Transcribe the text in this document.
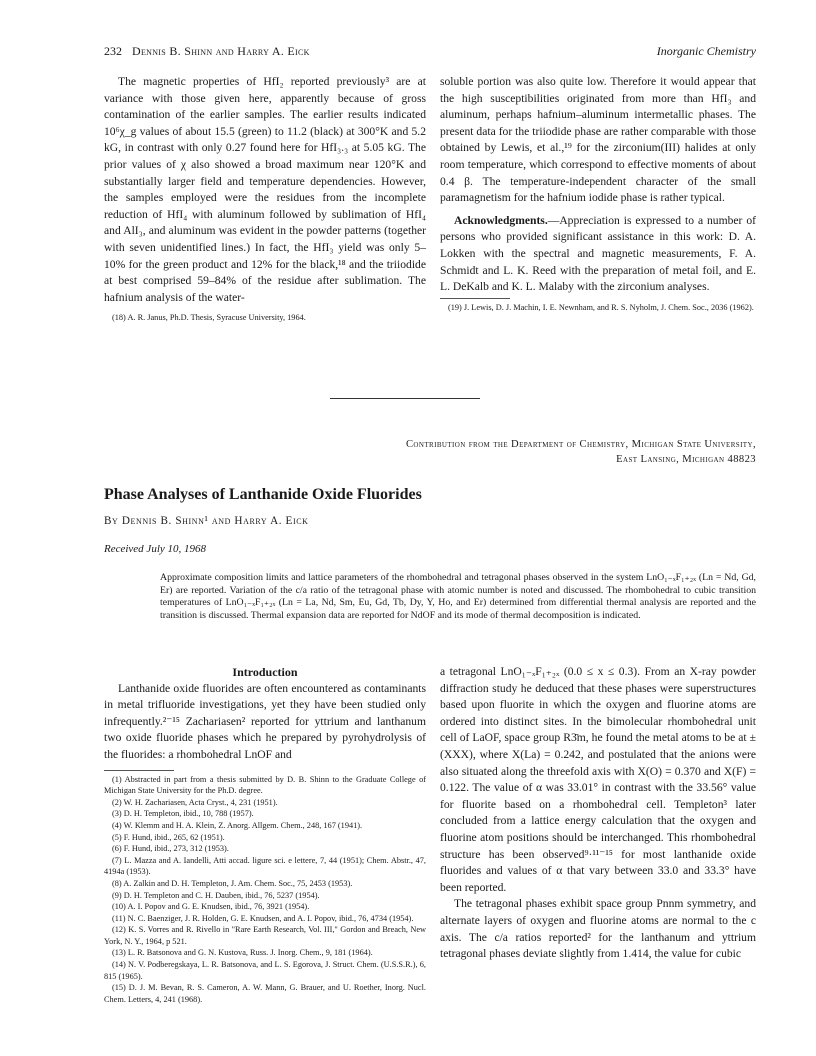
232 Dennis B. Shinn and Harry A. Eick	Inorganic Chemistry

The magnetic properties of HfI₂ reported previously³ are at variance with those given here, apparently because of gross contamination of the earlier samples. The earlier results indicated 10⁶χ_g values of about 15.5 (green) to 11.2 (black) at 300°K and 5.2 kG, in contrast with only 0.27 found here for HfI₃.₃ at 5.05 kG. The prior values of χ also showed a broad maximum near 120°K and substantially larger field and temperature dependencies. However, the samples employed were the residues from the incomplete reduction of HfI₄ with aluminum followed by sublimation of HfI₄ and AlI₃, and aluminum was evident in the powder patterns (together with seven unidentified lines.) In fact, the HfI₃ yield was only 5–10% for the green product and 12% for the black,¹⁸ and the triiodide at best comprised 59–84% of the residue after sublimation. The hafnium analysis of the water-

(18) A. R. Janus, Ph.D. Thesis, Syracuse University, 1964.

soluble portion was also quite low. Therefore it would appear that the high susceptibilities originated from more than HfI₃ and aluminum, perhaps hafnium–aluminum intermetallic phases. The present data for the triiodide phase are rather comparable with those obtained by Lewis, et al.,¹⁹ for the zirconium(III) halides at only room temperature, which correspond to effective moments of about 0.4 β. The temperature-independent character of the small paramagnetism for the hafnium iodide phase is rather typical.

Acknowledgments.—Appreciation is expressed to a number of persons who provided significant assistance in this work: D. A. Lokken with the spectral and magnetic measurements, F. A. Schmidt and L. K. Reed with the preparation of metal foil, and E. L. DeKalb and K. L. Malaby with the zirconium analyses.

(19) J. Lewis, D. J. Machin, I. E. Newnham, and R. S. Nyholm, J. Chem. Soc., 2036 (1962).

Contribution from the Department of Chemistry, Michigan State University,
East Lansing, Michigan 48823
Phase Analyses of Lanthanide Oxide Fluorides
By Dennis B. Shinn¹ and Harry A. Eick
Received July 10, 1968
Approximate composition limits and lattice parameters of the rhombohedral and tetragonal phases observed in the system LnO₁₋ₓF₁₊₂ₓ (Ln = Nd, Gd, Er) are reported. Variation of the c/a ratio of the tetragonal phase with atomic number is noted and discussed. The rhombohedral to cubic transition temperatures of LnO₁₋ₓF₁₊₂ₓ (Ln = La, Nd, Sm, Eu, Gd, Tb, Dy, Y, Ho, and Er) determined from differential thermal analysis are reported and the transition is discussed. Thermal expansion data are reported for NdOF and its mode of thermal decomposition is indicated.

Introduction

Lanthanide oxide fluorides are often encountered as contaminants in metal trifluoride investigations, yet they have been studied only infrequently.²⁻¹⁵ Zachariasen² reported for yttrium and lanthanum two oxide fluoride phases which he prepared by pyrohydrolysis of the fluorides: a rhombohedral LnOF and

(1) Abstracted in part from a thesis submitted by D. B. Shinn to the Graduate College of Michigan State University for the Ph.D. degree.

(2) W. H. Zachariasen, Acta Cryst., 4, 231 (1951).

(3) D. H. Templeton, ibid., 10, 788 (1957).

(4) W. Klemm and H. A. Klein, Z. Anorg. Allgem. Chem., 248, 167 (1941).

(5) F. Hund, ibid., 265, 62 (1951).

(6) F. Hund, ibid., 273, 312 (1953).

(7) L. Mazza and A. Iandelli, Atti accad. ligure sci. e lettere, 7, 44 (1951); Chem. Abstr., 47, 4194a (1953).

(8) A. Zalkin and D. H. Templeton, J. Am. Chem. Soc., 75, 2453 (1953).

(9) D. H. Templeton and C. H. Dauben, ibid., 76, 5237 (1954).

(10) A. I. Popov and G. E. Knudsen, ibid., 76, 3921 (1954).

(11) N. C. Baenziger, J. R. Holden, G. E. Knudsen, and A. I. Popov, ibid., 76, 4734 (1954).

(12) K. S. Vorres and R. Rivello in "Rare Earth Research, Vol. III," Gordon and Breach, New York, N. Y., 1964, p 521.

(13) L. R. Batsonova and G. N. Kustova, Russ. J. Inorg. Chem., 9, 181 (1964).

(14) N. V. Podberegskaya, L. R. Batsonova, and L. S. Egorova, J. Struct. Chem. (U.S.S.R.), 6, 815 (1965).

(15) D. J. M. Bevan, R. S. Cameron, A. W. Mann, G. Brauer, and U. Roether, Inorg. Nucl. Chem. Letters, 4, 241 (1968).

a tetragonal LnO₁₋ₓF₁₊₂ₓ (0.0 ≤ x ≤ 0.3). From an X-ray powder diffraction study he deduced that these phases were superstructures based upon fluorite in which the oxygen and fluorine atoms are ordered into distinct sites. In the bimolecular rhombohedral unit cell of LaOF, space group R3̄m, he found the metal atoms to be at ±(XXX), where X(La) = 0.242, and postulated that the anions were also situated along the threefold axis with X(O) = 0.370 and X(F) = 0.122. The value of α was 33.01° in contrast with the 33.56° value for fluorite based on a rhombohedral cell. Templeton³ later concluded from a lattice energy calculation that the oxygen and fluorine atom positions should be interchanged. This rhombohedral structure has been observed⁹·¹¹⁻¹⁵ for most lanthanide oxide fluorides and values of α that vary between 33.0 and 33.3° have been reported.

The tetragonal phases exhibit space group Pnnm symmetry, and alternate layers of oxygen and fluorine atoms are normal to the c axis. The c/a ratios reported² for the lanthanum and yttrium tetragonal phases deviate slightly from 1.414, the value for cubic
